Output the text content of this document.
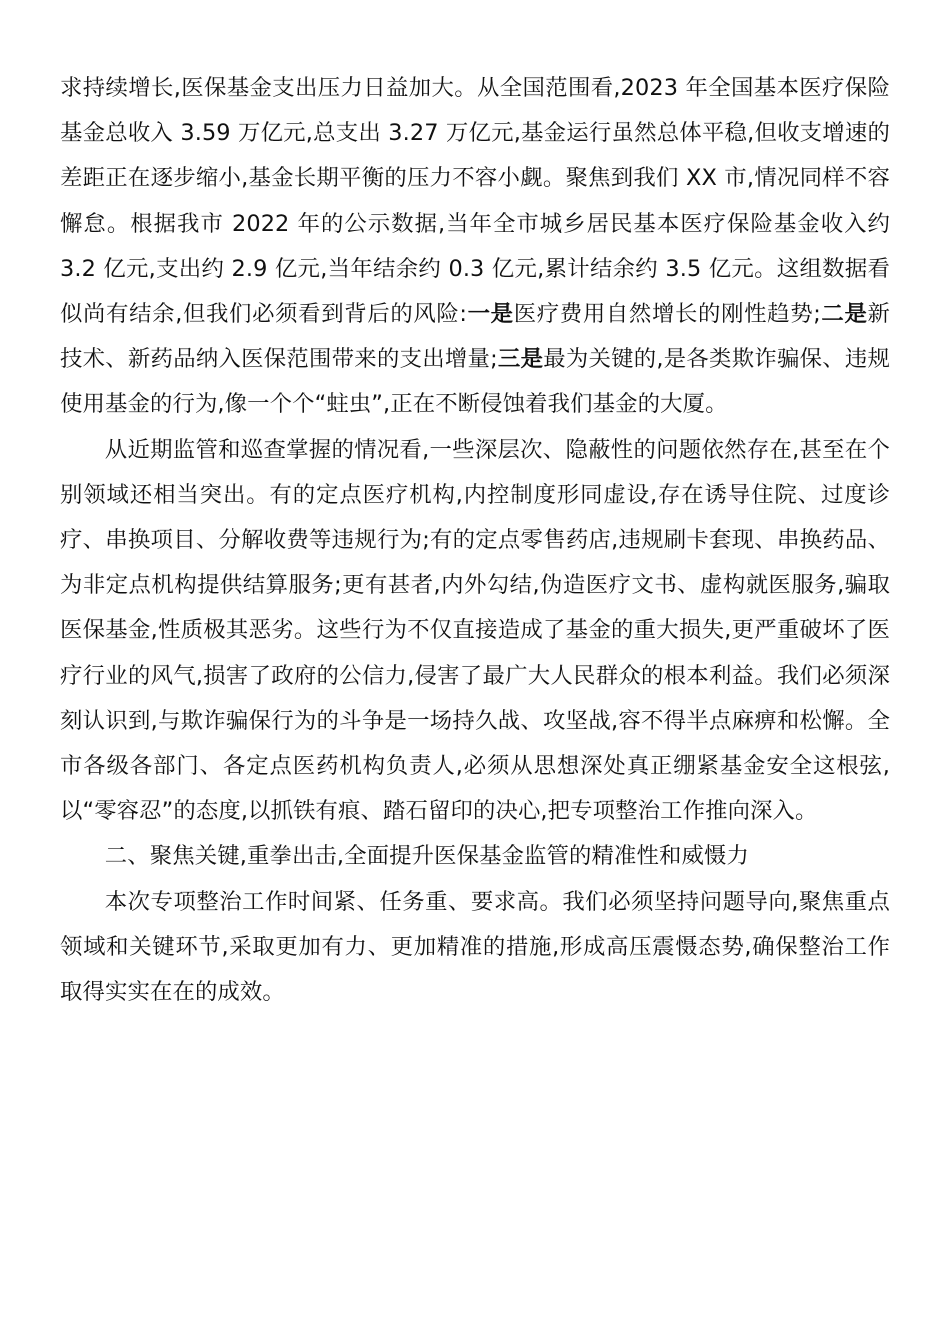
求持续增长,医保基金支出压力日益加大。从全国范围看,2023 年全国基本医疗保险基金总收入 3.59 万亿元,总支出 3.27 万亿元,基金运行虽然总体平稳,但收支增速的差距正在逐步缩小,基金长期平衡的压力不容小觑。聚焦到我们 XX 市,情况同样不容懈怠。根据我市 2022 年的公示数据,当年全市城乡居民基本医疗保险基金收入约 3.2 亿元,支出约 2.9 亿元,当年结余约 0.3 亿元,累计结余约 3.5 亿元。这组数据看似尚有结余,但我们必须看到背后的风险:一是医疗费用自然增长的刚性趋势;二是新技术、新药品纳入医保范围带来的支出增量;三是最为关键的,是各类欺诈骗保、违规使用基金的行为,像一个个“蛀虫”,正在不断侵蚀着我们基金的大厦。

从近期监管和巡查掌握的情况看,一些深层次、隐蔽性的问题依然存在,甚至在个别领域还相当突出。有的定点医疗机构,内控制度形同虚设,存在诱导住院、过度诊疗、串换项目、分解收费等违规行为;有的定点零售药店,违规刷卡套现、串换药品、为非定点机构提供结算服务;更有甚者,内外勾结,伪造医疗文书、虚构就医服务,骗取医保基金,性质极其恶劣。这些行为不仅直接造成了基金的重大损失,更严重破坏了医疗行业的风气,损害了政府的公信力,侵害了最广大人民群众的根本利益。我们必须深刻认识到,与欺诈骗保行为的斗争是一场持久战、攻坚战,容不得半点麻痹和松懈。全市各级各部门、各定点医药机构负责人,必须从思想深处真正绷紧基金安全这根弦,以“零容忍”的态度,以抓铁有痕、踏石留印的决心,把专项整治工作推向深入。

二、聚焦关键,重拳出击,全面提升医保基金监管的精准性和威慑力

本次专项整治工作时间紧、任务重、要求高。我们必须坚持问题导向,聚焦重点领域和关键环节,采取更加有力、更加精准的措施,形成高压震慑态势,确保整治工作取得实实在在的成效。
